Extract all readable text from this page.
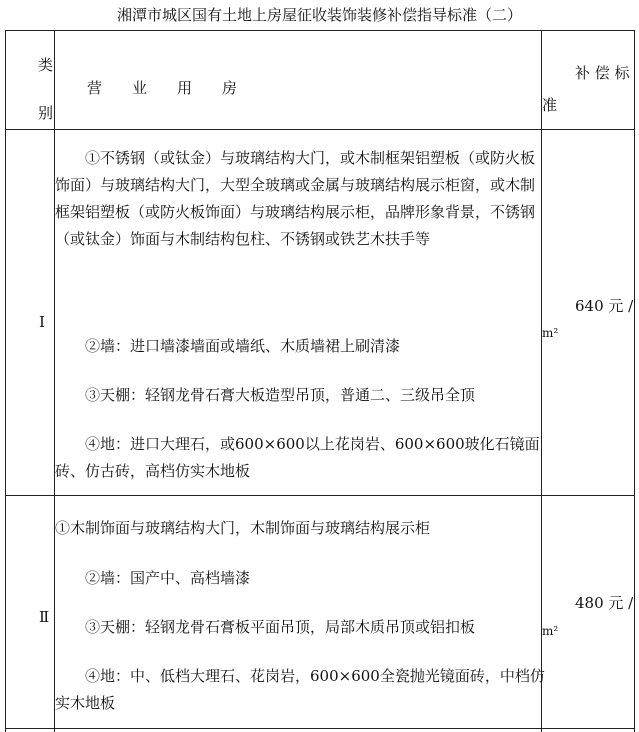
湘潭市城区国有土地上房屋征收装饰装修补偿指导标准（二）
类
别
营　　业　　用　　房
补 偿 标
准
Ⅰ
　　①不锈钢（或钛金）与玻璃结构大门，或木制框架铝塑板（或防火板饰面）与玻璃结构大门，大型全玻璃或金属与玻璃结构展示柜窗，或木制框架铝塑板（或防火板饰面）与玻璃结构展示柜，品牌形象背景，不锈钢（或钛金）饰面与木制结构包柱、不锈钢或铁艺木扶手等
　　②墙：进口墙漆墙面或墙纸、木质墙裙上刷清漆
　　③天棚：轻钢龙骨石膏大板造型吊顶，普通二、三级吊全顶
　　④地：进口大理石，或600×600以上花岗岩、600×600玻化石镜面砖、仿古砖，高档仿实木地板
640 元 /
m²
Ⅱ
①木制饰面与玻璃结构大门，木制饰面与玻璃结构展示柜
　　②墙：国产中、高档墙漆
　　③天棚：轻钢龙骨石膏板平面吊顶，局部木质吊顶或铝扣板
　　④地：中、低档大理石、花岗岩，600×600全瓷抛光镜面砖，中档仿实木地板
480 元 /
m²
